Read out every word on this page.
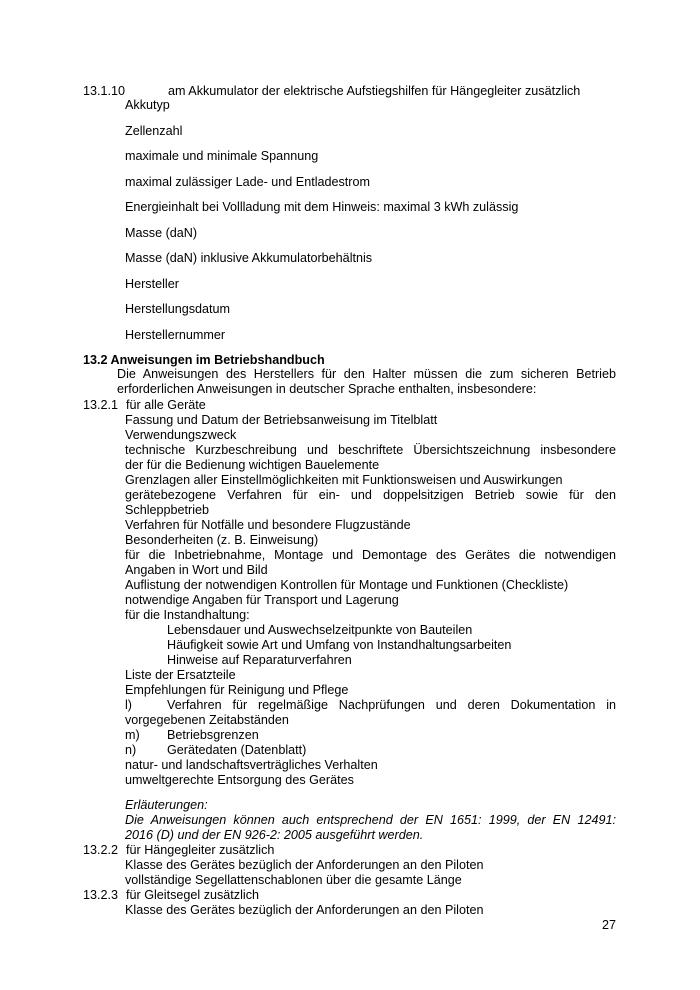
13.1.10	am Akkumulator der elektrische Aufstiegshilfen für Hängegleiter zusätzlich
Akkutyp
Zellenzahl
maximale und minimale Spannung
maximal zulässiger Lade- und Entladestrom
Energieinhalt bei Vollladung mit dem Hinweis: maximal 3 kWh zulässig
Masse (daN)
Masse (daN) inklusive Akkumulatorbehältnis
Hersteller
Herstellungsdatum
Herstellernummer
13.2 Anweisungen im Betriebshandbuch
Die Anweisungen des Herstellers für den Halter müssen die zum sicheren Betrieb
erforderlichen Anweisungen in deutscher Sprache enthalten, insbesondere:
13.2.1 für alle Geräte
Fassung und Datum der Betriebsanweisung im Titelblatt
Verwendungszweck
technische Kurzbeschreibung und beschriftete Übersichtszeichnung insbesondere
der für die Bedienung wichtigen Bauelemente
Grenzlagen aller Einstellmöglichkeiten mit Funktionsweisen und Auswirkungen
gerätebezogene Verfahren für ein- und doppelsitzigen Betrieb sowie für den
Schleppbetrieb
Verfahren für Notfälle und besondere Flugzustände
Besonderheiten (z. B. Einweisung)
für die Inbetriebnahme, Montage und Demontage des Gerätes die notwendigen
Angaben in Wort und Bild
Auflistung der notwendigen Kontrollen für Montage und Funktionen (Checkliste)
notwendige Angaben für Transport und Lagerung
für die Instandhaltung:
Lebensdauer und Auswechselzeitpunkte von Bauteilen
Häufigkeit sowie Art und Umfang von Instandhaltungsarbeiten
Hinweise auf Reparaturverfahren
Liste der Ersatzteile
Empfehlungen für Reinigung und Pflege
l)	Verfahren für regelmäßige Nachprüfungen und deren Dokumentation in
vorgegebenen Zeitabständen
m) Betriebsgrenzen
n) Gerätedaten (Datenblatt)
natur- und landschaftsverträgliches Verhalten
umweltgerechte Entsorgung des Gerätes
Erläuterungen:
Die Anweisungen können auch entsprechend der EN 1651: 1999, der EN 12491:
2016 (D) und der EN 926-2: 2005 ausgeführt werden.
13.2.2 für Hängegleiter zusätzlich
Klasse des Gerätes bezüglich der Anforderungen an den Piloten
vollständige Segellattenschablonen über die gesamte Länge
13.2.3 für Gleitsegel zusätzlich
Klasse des Gerätes bezüglich der Anforderungen an den Piloten
27
